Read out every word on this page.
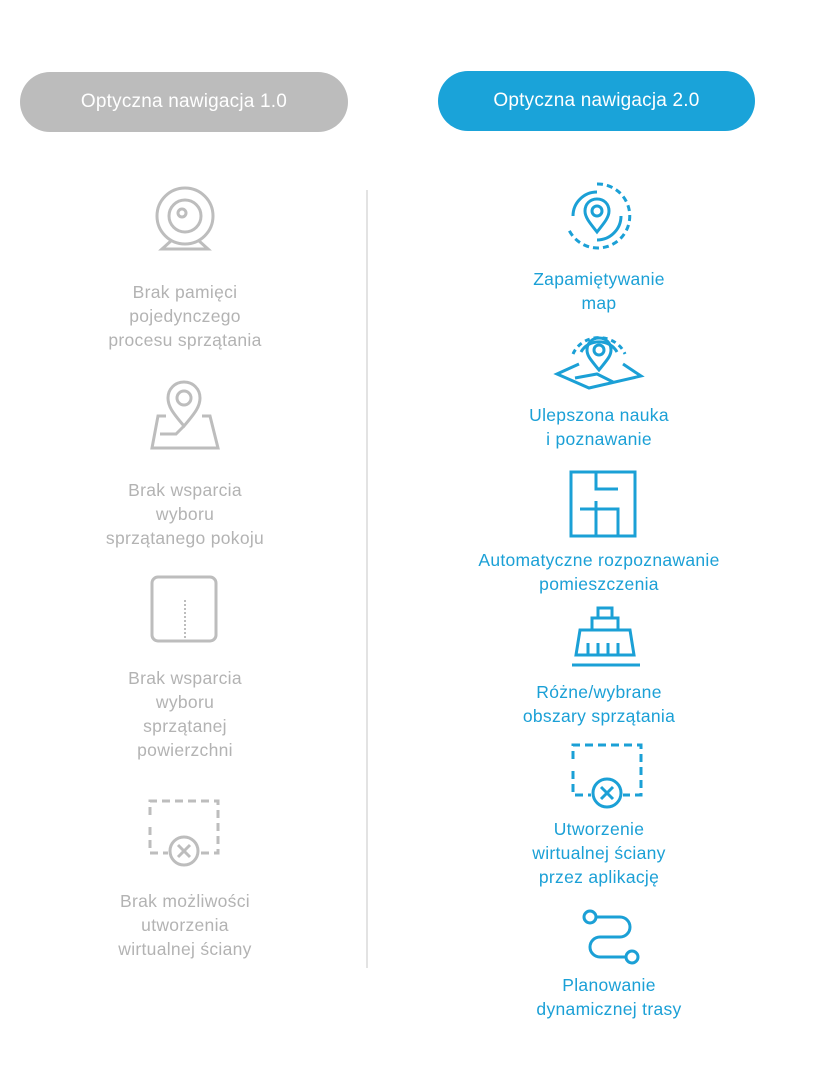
Optyczna nawigacja 1.0	Optyczna nawigacja 2.0
Brak pamięci
pojedynczego
procesu sprzątania
Brak wsparcia
wyboru
sprzątanego pokoju
Brak wsparcia
wyboru
sprzątanej
powierzchni
Brak możliwości
utworzenia
wirtualnej ściany
Zapamiętywanie
map
Ulepszona nauka
i poznawanie
Automatyczne rozpoznawanie
pomieszczenia
Różne/wybrane
obszary sprzątania
Utworzenie
wirtualnej ściany
przez aplikację
Planowanie
dynamicznej trasy
